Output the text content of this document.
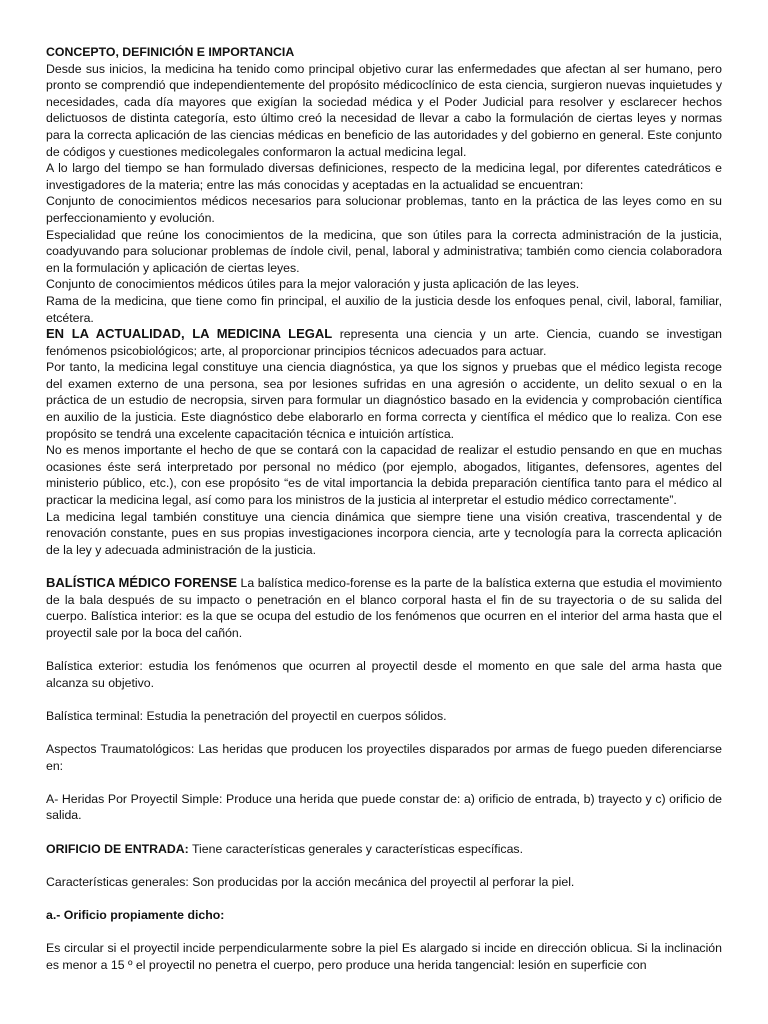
CONCEPTO, DEFINICIÓN E IMPORTANCIA

Desde sus inicios, la medicina ha tenido como principal objetivo curar las enfermedades que afectan al ser humano, pero pronto se comprendió que independientemente del propósito médicoclínico de esta ciencia, surgieron nuevas inquietudes y necesidades, cada día mayores que exigían la sociedad médica y el Poder Judicial para resolver y esclarecer hechos delictuosos de distinta categoría, esto último creó la necesidad de llevar a cabo la formulación de ciertas leyes y normas para la correcta aplicación de las ciencias médicas en beneficio de las autoridades y del gobierno en general. Este conjunto de códigos y cuestiones medicolegales conformaron la actual medicina legal.

A lo largo del tiempo se han formulado diversas definiciones, respecto de la medicina legal, por diferentes catedráticos e investigadores de la materia; entre las más conocidas y aceptadas en la actualidad se encuentran:

Conjunto de conocimientos médicos necesarios para solucionar problemas, tanto en la práctica de las leyes como en su perfeccionamiento y evolución.

Especialidad que reúne los conocimientos de la medicina, que son útiles para la correcta administración de la justicia, coadyuvando para solucionar problemas de índole civil, penal, laboral y administrativa; también como ciencia colaboradora en la formulación y aplicación de ciertas leyes.

Conjunto de conocimientos médicos útiles para la mejor valoración y justa aplicación de las leyes.

Rama de la medicina, que tiene como fin principal, el auxilio de la justicia desde los enfoques penal, civil, laboral, familiar, etcétera.

EN LA ACTUALIDAD, LA MEDICINA LEGAL representa una ciencia y un arte. Ciencia, cuando se investigan fenómenos psicobiológicos; arte, al proporcionar principios técnicos adecuados para actuar.

Por tanto, la medicina legal constituye una ciencia diagnóstica, ya que los signos y pruebas que el médico legista recoge del examen externo de una persona, sea por lesiones sufridas en una agresión o accidente, un delito sexual o en la práctica de un estudio de necropsia, sirven para formular un diagnóstico basado en la evidencia y comprobación científica en auxilio de la justicia. Este diagnóstico debe elaborarlo en forma correcta y científica el médico que lo realiza. Con ese propósito se tendrá una excelente capacitación técnica e intuición artística.

No es menos importante el hecho de que se contará con la capacidad de realizar el estudio pensando en que en muchas ocasiones éste será interpretado por personal no médico (por ejemplo, abogados, litigantes, defensores, agentes del ministerio público, etc.), con ese propósito “es de vital importancia la debida preparación científica tanto para el médico al practicar la medicina legal, así como para los ministros de la justicia al interpretar el estudio médico correctamente”.

La medicina legal también constituye una ciencia dinámica que siempre tiene una visión creativa, trascendental y de renovación constante, pues en sus propias investigaciones incorpora ciencia, arte y tecnología para la correcta aplicación de la ley y adecuada administración de la justicia.

BALÍSTICA MÉDICO FORENSE La balística medico-forense es la parte de la balística externa que estudia el movimiento de la bala después de su impacto o penetración en el blanco corporal hasta el fin de su trayectoria o de su salida del cuerpo. Balística interior: es la que se ocupa del estudio de los fenómenos que ocurren en el interior del arma hasta que el proyectil sale por la boca del cañón.

Balística exterior: estudia los fenómenos que ocurren al proyectil desde el momento en que sale del arma hasta que alcanza su objetivo.

Balística terminal: Estudia la penetración del proyectil en cuerpos sólidos.

Aspectos Traumatológicos: Las heridas que producen los proyectiles disparados por armas de fuego pueden diferenciarse en:

A- Heridas Por Proyectil Simple: Produce una herida que puede constar de: a) orificio de entrada, b) trayecto y c) orificio de salida.

ORIFICIO DE ENTRADA: Tiene características generales y características específicas.

Características generales: Son producidas por la acción mecánica del proyectil al perforar la piel.

a.- Orificio propiamente dicho:

Es circular si el proyectil incide perpendicularmente sobre la piel Es alargado si incide en dirección oblicua. Si la inclinación es menor a 15 º el proyectil no penetra el cuerpo, pero produce una herida tangencial: lesión en superficie con
